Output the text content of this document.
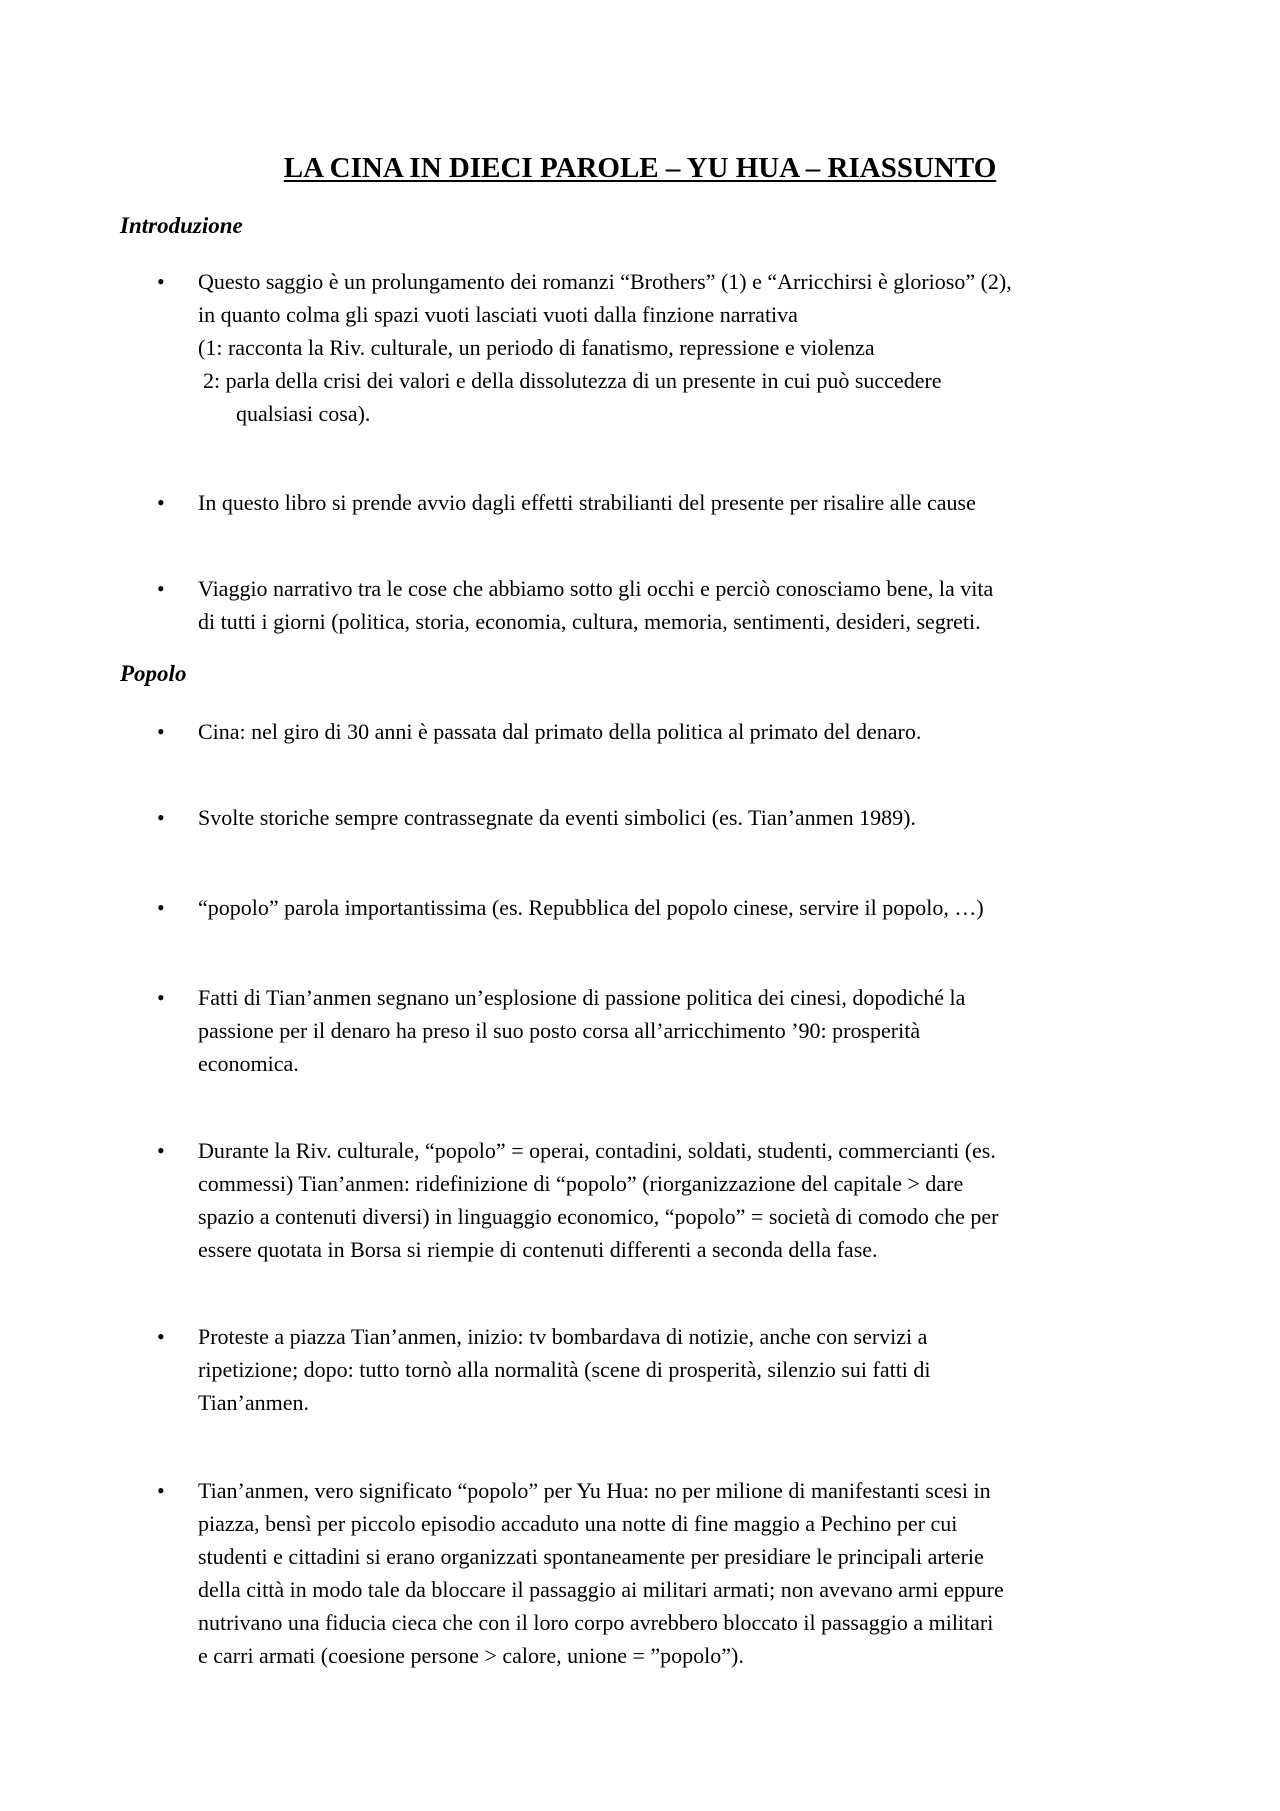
LA CINA IN DIECI PAROLE – YU HUA – RIASSUNTO
Introduzione
• Questo saggio è un prolungamento dei romanzi “Brothers” (1) e “Arricchirsi è glorioso” (2),
in quanto colma gli spazi vuoti lasciati vuoti dalla finzione narrativa
(1: racconta la Riv. culturale, un periodo di fanatismo, repressione e violenza
2: parla della crisi dei valori e della dissolutezza di un presente in cui può succedere
qualsiasi cosa).
• In questo libro si prende avvio dagli effetti strabilianti del presente per risalire alle cause
• Viaggio narrativo tra le cose che abbiamo sotto gli occhi e perciò conosciamo bene, la vita
di tutti i giorni (politica, storia, economia, cultura, memoria, sentimenti, desideri, segreti.
Popolo
• Cina: nel giro di 30 anni è passata dal primato della politica al primato del denaro.
• Svolte storiche sempre contrassegnate da eventi simbolici (es. Tian’anmen 1989).
• “popolo” parola importantissima (es. Repubblica del popolo cinese, servire il popolo, …)
• Fatti di Tian’anmen segnano un’esplosione di passione politica dei cinesi, dopodiché la
passione per il denaro ha preso il suo posto corsa all’arricchimento ’90: prosperità
economica.
• Durante la Riv. culturale, “popolo” = operai, contadini, soldati, studenti, commercianti (es.
commessi) Tian’anmen: ridefinizione di “popolo” (riorganizzazione del capitale > dare
spazio a contenuti diversi) in linguaggio economico, “popolo” = società di comodo che per
essere quotata in Borsa si riempie di contenuti differenti a seconda della fase.
• Proteste a piazza Tian’anmen, inizio: tv bombardava di notizie, anche con servizi a
ripetizione; dopo: tutto tornò alla normalità (scene di prosperità, silenzio sui fatti di
Tian’anmen.
• Tian’anmen, vero significato “popolo” per Yu Hua: no per milione di manifestanti scesi in
piazza, bensì per piccolo episodio accaduto una notte di fine maggio a Pechino per cui
studenti e cittadini si erano organizzati spontaneamente per presidiare le principali arterie
della città in modo tale da bloccare il passaggio ai militari armati; non avevano armi eppure
nutrivano una fiducia cieca che con il loro corpo avrebbero bloccato il passaggio a militari
e carri armati (coesione persone > calore, unione = ”popolo”).
